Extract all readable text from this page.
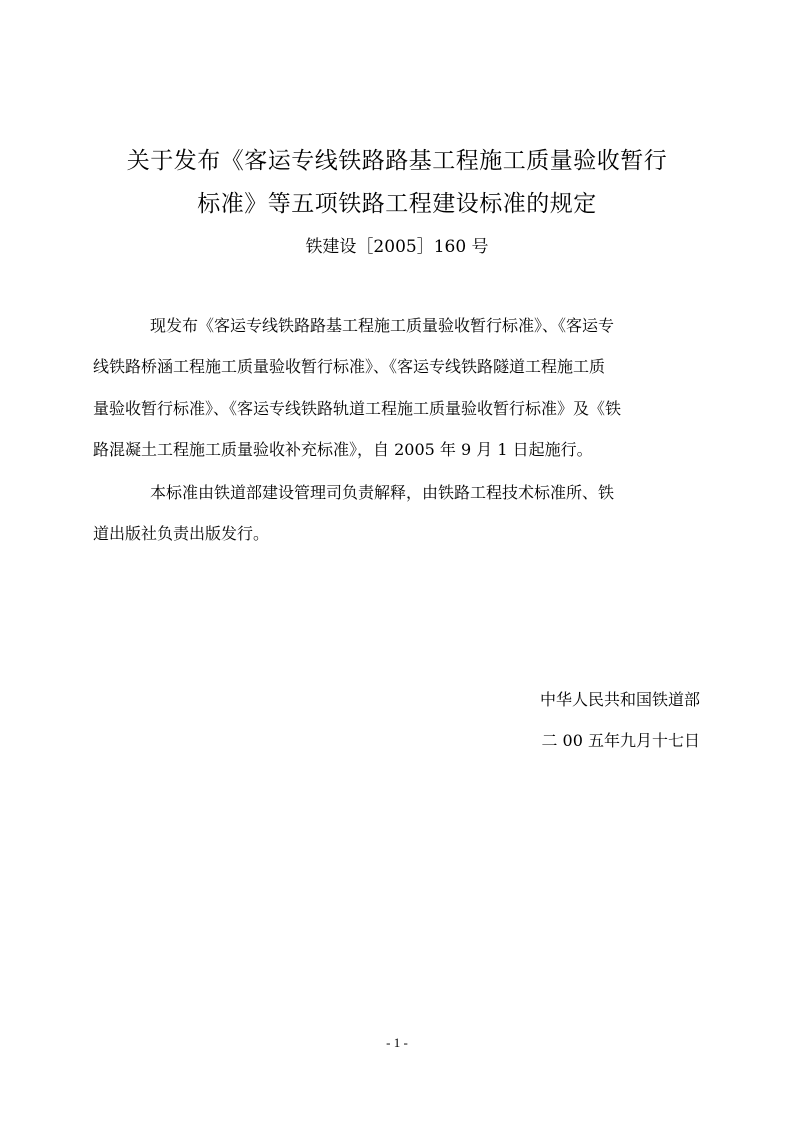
关于发布《客运专线铁路路基工程施工质量验收暂行
标准》等五项铁路工程建设标准的规定
铁建设［2005］160 号
现发布《客运专线铁路路基工程施工质量验收暂行标准》、《客运专
线铁路桥涵工程施工质量验收暂行标准》、《客运专线铁路隧道工程施工质
量验收暂行标准》、《客运专线铁路轨道工程施工质量验收暂行标准》及《铁
路混凝土工程施工质量验收补充标准》，自 2005 年 9 月 1 日起施行。
本标准由铁道部建设管理司负责解释，由铁路工程技术标准所、铁
道出版社负责出版发行。
中华人民共和国铁道部
二 00 五年九月十七日
- 1 -
